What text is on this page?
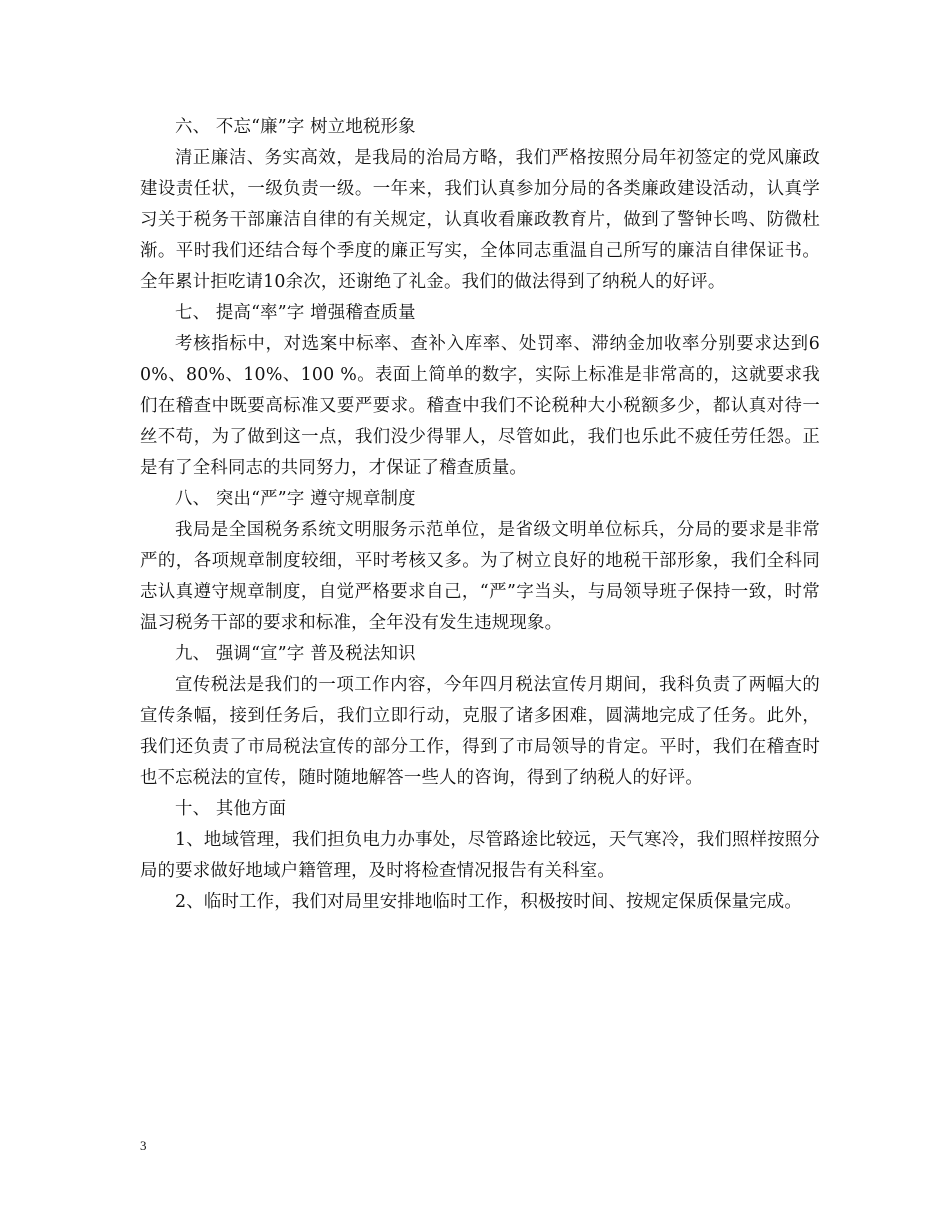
六、 不忘“廉”字 树立地税形象

清正廉洁、务实高效，是我局的治局方略，我们严格按照分局年初签定的党风廉政建设责任状，一级负责一级。一年来，我们认真参加分局的各类廉政建设活动，认真学习关于税务干部廉洁自律的有关规定，认真收看廉政教育片，做到了警钟长鸣、防微杜渐。平时我们还结合每个季度的廉正写实，全体同志重温自己所写的廉洁自律保证书。全年累计拒吃请10余次，还谢绝了礼金。我们的做法得到了纳税人的好评。

七、 提高“率”字 增强稽查质量

考核指标中，对选案中标率、查补入库率、处罚率、滞纳金加收率分别要求达到60%、80%、10%、100 %。表面上简单的数字，实际上标准是非常高的，这就要求我们在稽查中既要高标准又要严要求。稽查中我们不论税种大小税额多少，都认真对待一丝不苟，为了做到这一点，我们没少得罪人，尽管如此，我们也乐此不疲任劳任怨。正是有了全科同志的共同努力，才保证了稽查质量。

八、 突出“严”字 遵守规章制度

我局是全国税务系统文明服务示范单位，是省级文明单位标兵，分局的要求是非常严的，各项规章制度较细，平时考核又多。为了树立良好的地税干部形象，我们全科同志认真遵守规章制度，自觉严格要求自己，“严”字当头，与局领导班子保持一致，时常温习税务干部的要求和标准，全年没有发生违规现象。

九、 强调“宣”字 普及税法知识

宣传税法是我们的一项工作内容，今年四月税法宣传月期间，我科负责了两幅大的宣传条幅，接到任务后，我们立即行动，克服了诸多困难，圆满地完成了任务。此外，我们还负责了市局税法宣传的部分工作，得到了市局领导的肯定。平时，我们在稽查时也不忘税法的宣传，随时随地解答一些人的咨询，得到了纳税人的好评。

十、 其他方面

1、地域管理，我们担负电力办事处，尽管路途比较远，天气寒冷，我们照样按照分局的要求做好地域户籍管理，及时将检查情况报告有关科室。

2、临时工作，我们对局里安排地临时工作，积极按时间、按规定保质保量完成。

3
